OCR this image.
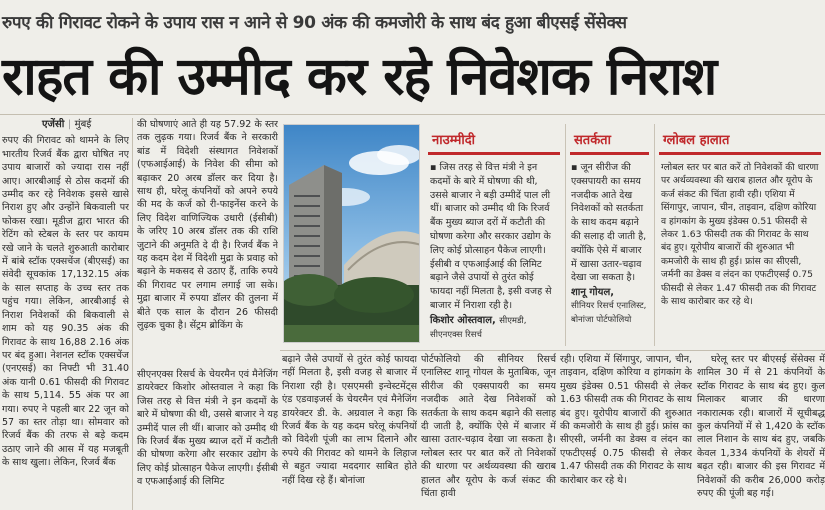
रुपए की गिरावट रोकने के उपाय रास न आने से 90 अंक की कमजोरी के साथ बंद हुआ बीएसई सेंसेक्स
राहत की उम्मीद कर रहे निवेशक निराश
एजेंसी | मुंबई

रुपए की गिरावट को थामने के लिए भारतीय रिजर्व बैंक द्वारा घोषित नए उपाय बाजारों को ज्यादा रास नहीं आए। आरबीआई से ठोस कदमों की उम्मीद कर रहे निवेशक इससे खासे निराश हुए और उन्होंने बिकवाली पर फोकस रखा। मूडीज द्वारा भारत की रेटिंग को स्टेबल के स्तर पर कायम रखे जाने के चलते शुरुआती कारोबार में बांबे स्टॉक एक्सचेंज (बीएसई) का संवेदी सूचकांक 17,132.15 अंक के साल सप्ताह के उच्च स्तर तक पहुंच गया। लेकिन, आरबीआई से निराश निवेशकों की बिकवाली से शाम को यह 90.35 अंक की गिरावट के साथ 16,88 2.16 अंक पर बंद हुआ। नेशनल स्टॉक एक्सचेंज (एनएसई) का निफ्टी भी 31.40 अंक यानी 0.61 फीसदी की गिरावट के साथ 5,114. 55 अंक पर आ गया। रुपए ने पहली बार 22 जून को 57 का स्तर तोड़ा था। सोमवार को रिजर्व बैंक की तरफ से बड़े कदम उठाए जाने की आस में यह मजबूती के साथ खुला। लेकिन, रिजर्व बैंक

की घोषणाएं आते ही यह 57.92 के स्तर तक लुढ़क गया। रिजर्व बैंक ने सरकारी बांड में विदेशी संस्थागत निवेशकों (एफआईआई) के निवेश की सीमा को बढ़ाकर 20 अरब डॉलर कर दिया है। साथ ही, घरेलू कंपनियों को अपने रुपये की मद के कर्ज को री-फाइनेंस करने के लिए विदेश वाणिज्यिक उधारी (ईसीबी) के जरिए 10 अरब डॉलर तक की राशि जुटाने की अनुमति दे दी है। रिजर्व बैंक ने यह कदम देश में विदेशी मुद्रा के प्रवाह को बढ़ाने के मकसद से उठाए हैं, ताकि रुपये की गिरावट पर लगाम लगाई जा सके। मुद्रा बाजार में रुपया डॉलर की तुलना में बीते एक साल के दौरान 26 फीसदी लुढ़क चुका है। सेंट्रम ब्रोकिंग के

नाउम्मीदी
▪ जिस तरह से वित्त मंत्री ने इन कदमों के बारे में घोषणा की थी, उससे बाजार ने बड़ी उम्मीदें पाल ली थीं। बाजार को उम्मीद थी कि रिजर्व बैंक मुख्य ब्याज दरों में कटौती की घोषणा करेगा और सरकार उद्योग के लिए कोई प्रोत्साहन पैकेज लाएगी। ईसीबी व एफआईआई की लिमिट बढ़ाने जैसे उपायों से तुरंत कोई फायदा नहीं मिलता है, इसी वजह से बाजार में निराशा रही है।
किशोर ओस्तवाल, सीएमडी,
सीएनएक्स रिसर्च
सतर्कता
▪ जून सीरीज की एक्सपायरी का समय नजदीक आते देख निवेशकों को सतर्कता के साथ कदम बढ़ाने की सलाह दी जाती है, क्योंकि ऐसे में बाजार में खासा उतार-चढ़ाव देखा जा सकता है।
शानू गोयल,
सीनियर रिसर्च एनालिस्ट, बोनांजा पोर्टफोलियो
ग्लोबल हालात
ग्लोबल स्तर पर बात करें तो निवेशकों की धारणा पर अर्थव्यवस्था की खराब हालत और यूरोप के कर्ज संकट की चिंता हावी रही। एशिया में सिंगापुर, जापान, चीन, ताइवान, दक्षिण कोरिया व हांगकांग के मुख्य इंडेक्स 0.51 फीसदी से लेकर 1.63 फीसदी तक की गिरावट के साथ बंद हुए। यूरोपीय बाजारों की शुरुआत भी कमजोरी के साथ ही हुई। फ्रांस का सीएसी, जर्मनी का डेक्स व लंदन का एफटीएसई 0.75 फीसदी से लेकर 1.47 फीसदी तक की गिरावट के साथ कारोबार कर रहे थे।

सीएनएक्स रिसर्च के चेयरमैन एवं मैनेजिंग डायरेक्टर किशोर ओस्तवाल ने कहा कि जिस तरह से वित्त मंत्री ने इन कदमों के बारे में घोषणा की थी, उससे बाजार ने यह उम्मीदें पाल ली थीं। बाजार को उम्मीद थी कि रिजर्व बैंक मुख्य ब्याज दरों में कटौती की घोषणा करेगा और सरकार उद्योग के लिए कोई प्रोत्साहन पैकेज लाएगी। ईसीबी व एफआईआई की लिमिट

बढ़ाने जैसे उपायों से तुरंत कोई फायदा नहीं मिलता है, इसी वजह से बाजार में निराशा रही है। एसएमसी इन्वेस्टमेंट्स एंड एडवाइजर्स के चेयरमैन एवं मैनेजिंग डायरेक्टर डी. के. अग्रवाल ने कहा कि रिजर्व बैंक के यह कदम घरेलू कंपनियों को विदेशी पूंजी का लाभ दिलाने और रुपये की गिरावट को थामने के लिहाज से बहुत ज्यादा मददगार साबित होते नहीं दिख रहे हैं। बोनांजा

पोर्टफोलियो की सीनियर रिसर्च एनालिस्ट शानू गोयल के मुताबिक, जून सीरीज की एक्सपायरी का समय नजदीक आते देख निवेशकों को सतर्कता के साथ कदम बढ़ाने की सलाह दी जाती है, क्योंकि ऐसे में बाजार में खासा उतार-चढ़ाव देखा जा सकता है। ग्लोबल स्तर पर बात करें तो निवेशकों की धारणा पर अर्थव्यवस्था की खराब हालत और यूरोप के कर्ज संकट की चिंता हावी

रही। एशिया में सिंगापुर, जापान, चीन, ताइवान, दक्षिण कोरिया व हांगकांग के मुख्य इंडेक्स 0.51 फीसदी से लेकर 1.63 फीसदी तक की गिरावट के साथ बंद हुए। यूरोपीय बाजारों की शुरुआत की कमजोरी के साथ ही हुई। फ्रांस का सीएसी, जर्मनी का डेक्स व लंदन का एफटीएसई 0.75 फीसदी से लेकर 1.47 फीसदी तक की गिरावट के साथ कारोबार कर रहे थे।

घरेलू स्तर पर बीएसई सेंसेक्स में शामिल 30 में से 21 कंपनियों के स्टॉक गिरावट के साथ बंद हुए। कुल मिलाकर बाजार की धारणा नकारात्मक रही। बाजारों में सूचीबद्ध कुल कंपनियों में से 1,420 के स्टॉक लाल निशान के साथ बंद हुए, जबकि केवल 1,334 कंपनियों के शेयरों में बढ़त रही। बाजार की इस गिरावट में निवेशकों की करीब 26,000 करोड़ रुपए की पूंजी बह गई।
